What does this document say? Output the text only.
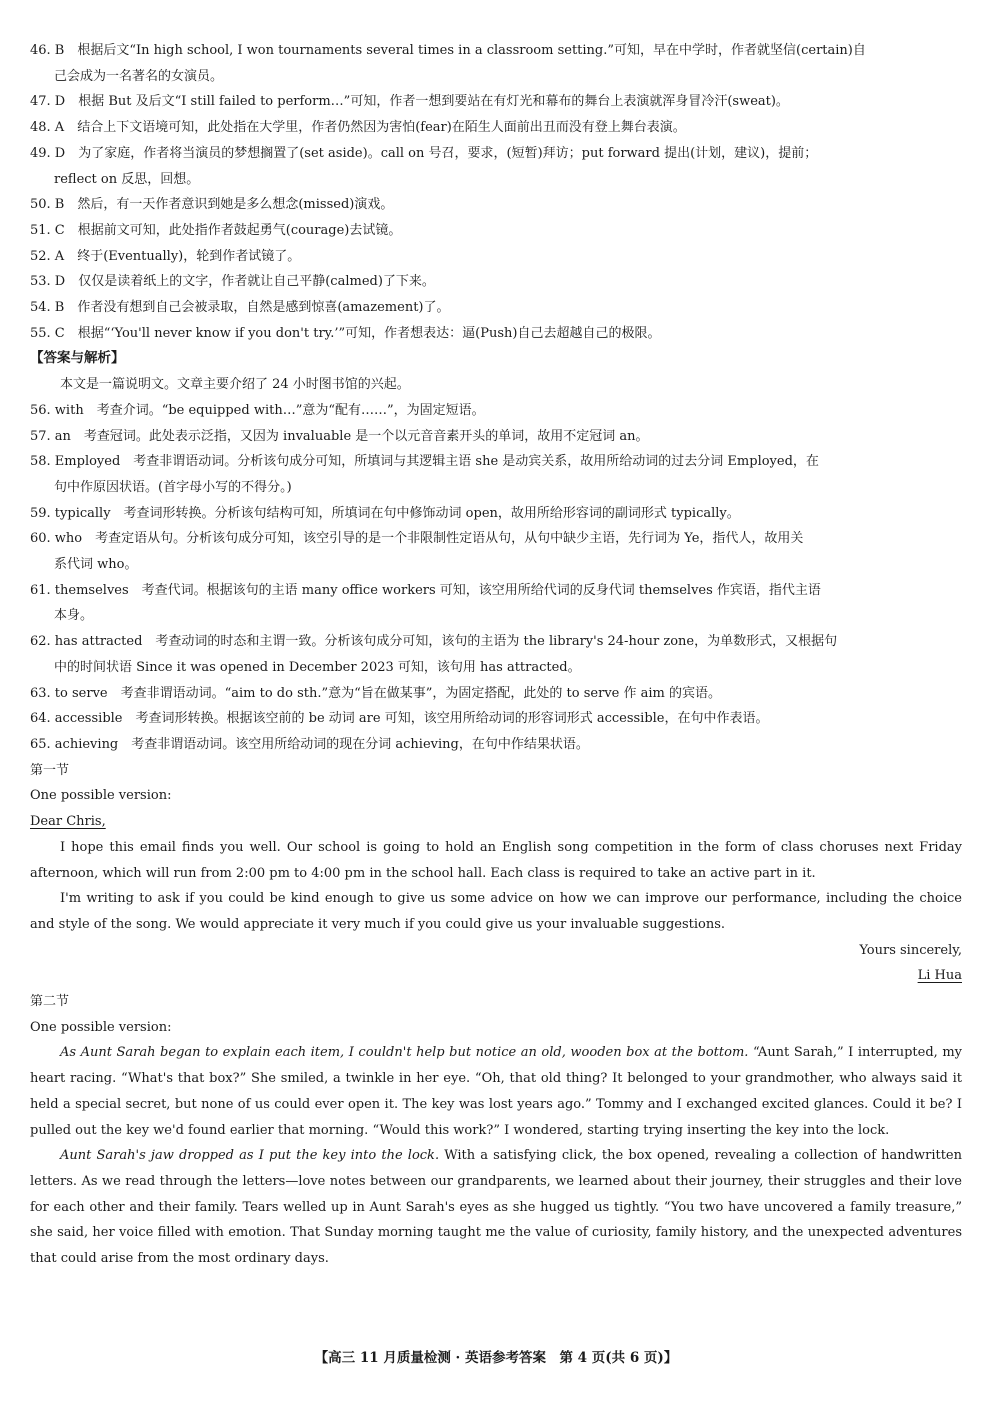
46. B　根据后文“In high school, I won tournaments several times in a classroom setting.”可知，早在中学时，作者就坚信(certain)自
己会成为一名著名的女演员。
47. D　根据 But 及后文“I still failed to perform…”可知，作者一想到要站在有灯光和幕布的舞台上表演就浑身冒冷汗(sweat)。
48. A　结合上下文语境可知，此处指在大学里，作者仍然因为害怕(fear)在陌生人面前出丑而没有登上舞台表演。
49. D　为了家庭，作者将当演员的梦想搁置了(set aside)。call on 号召，要求，(短暂)拜访；put forward 提出(计划，建议)，提前；
reflect on 反思，回想。
50. B　然后，有一天作者意识到她是多么想念(missed)演戏。
51. C　根据前文可知，此处指作者鼓起勇气(courage)去试镜。
52. A　终于(Eventually)，轮到作者试镜了。
53. D　仅仅是读着纸上的文字，作者就让自己平静(calmed)了下来。
54. B　作者没有想到自己会被录取，自然是感到惊喜(amazement)了。
55. C　根据“‘You'll never know if you don't try.’”可知，作者想表达：逼(Push)自己去超越自己的极限。

【答案与解析】

本文是一篇说明文。文章主要介绍了 24 小时图书馆的兴起。

56. with　考查介词。“be equipped with…”意为“配有……”，为固定短语。
57. an　考查冠词。此处表示泛指，又因为 invaluable 是一个以元音音素开头的单词，故用不定冠词 an。
58. Employed　考查非谓语动词。分析该句成分可知，所填词与其逻辑主语 she 是动宾关系，故用所给动词的过去分词 Employed，在
句中作原因状语。(首字母小写的不得分。)
59. typically　考查词形转换。分析该句结构可知，所填词在句中修饰动词 open，故用所给形容词的副词形式 typically。
60. who　考查定语从句。分析该句成分可知，该空引导的是一个非限制性定语从句，从句中缺少主语，先行词为 Ye，指代人，故用关
系代词 who。
61. themselves　考查代词。根据该句的主语 many office workers 可知，该空用所给代词的反身代词 themselves 作宾语，指代主语
本身。
62. has attracted　考查动词的时态和主谓一致。分析该句成分可知，该句的主语为 the library's 24-hour zone，为单数形式，又根据句
中的时间状语 Since it was opened in December 2023 可知，该句用 has attracted。
63. to serve　考查非谓语动词。“aim to do sth.”意为“旨在做某事”，为固定搭配，此处的 to serve 作 aim 的宾语。
64. accessible　考查词形转换。根据该空前的 be 动词 are 可知，该空用所给动词的形容词形式 accessible，在句中作表语。
65. achieving　考查非谓语动词。该空用所给动词的现在分词 achieving，在句中作结果状语。

第一节

One possible version:

Dear Chris,

I hope this email finds you well. Our school is going to hold an English song competition in the form of class choruses next Friday afternoon, which will run from 2:00 pm to 4:00 pm in the school hall. Each class is required to take an active part in it.

I'm writing to ask if you could be kind enough to give us some advice on how we can improve our performance, including the choice and style of the song. We would appreciate it very much if you could give us your invaluable suggestions.

Yours sincerely,

Li Hua

第二节

One possible version:

As Aunt Sarah began to explain each item, I couldn't help but notice an old, wooden box at the bottom. “Aunt Sarah,” I interrupted, my heart racing. “What's that box?” She smiled, a twinkle in her eye. “Oh, that old thing? It belonged to your grandmother, who always said it held a special secret, but none of us could ever open it. The key was lost years ago.” Tommy and I exchanged excited glances. Could it be? I pulled out the key we'd found earlier that morning. “Would this work?” I wondered, starting trying inserting the key into the lock.

Aunt Sarah's jaw dropped as I put the key into the lock. With a satisfying click, the box opened, revealing a collection of handwritten letters. As we read through the letters—love notes between our grandparents, we learned about their journey, their struggles and their love for each other and their family. Tears welled up in Aunt Sarah's eyes as she hugged us tightly. “You two have uncovered a family treasure,” she said, her voice filled with emotion. That Sunday morning taught me the value of curiosity, family history, and the unexpected adventures that could arise from the most ordinary days.

【高三 11 月质量检测 · 英语参考答案　第 4 页(共 6 页)】
